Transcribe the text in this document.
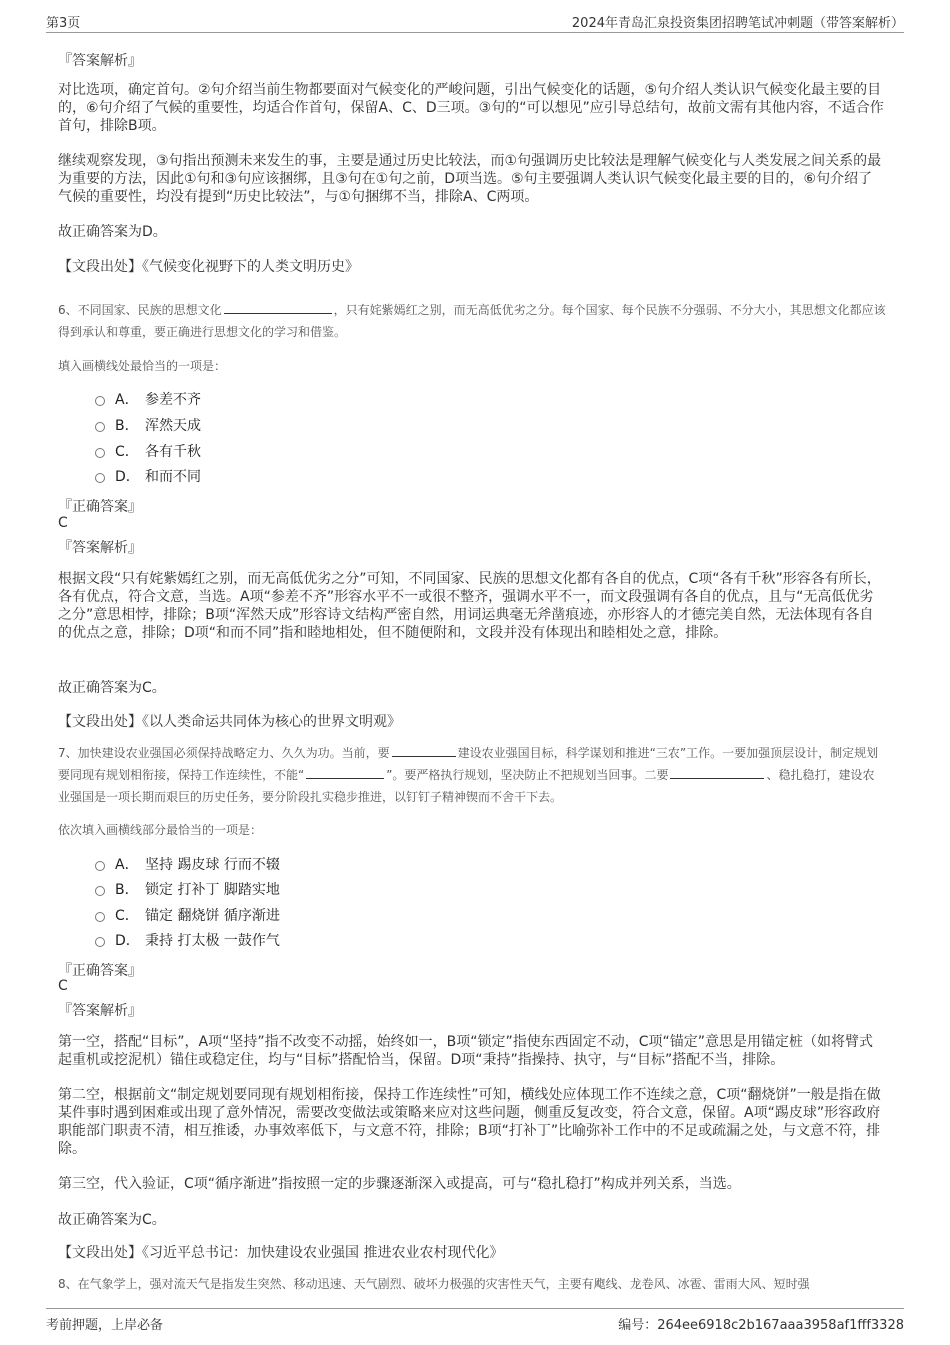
第3页	2024年青岛汇泉投资集团招聘笔试冲刺题（带答案解析）
『答案解析』
对比选项，确定首句。②句介绍当前生物都要面对气候变化的严峻问题，引出气候变化的话题，⑤句介绍人类认识气候变化最主要的目的，⑥句介绍了气候的重要性，均适合作首句，保留A、C、D三项。③句的“可以想见”应引导总结句，故前文需有其他内容，不适合作首句，排除B项。
继续观察发现，③句指出预测未来发生的事，主要是通过历史比较法，而①句强调历史比较法是理解气候变化与人类发展之间关系的最为重要的方法，因此①句和③句应该捆绑，且③句在①句之前，D项当选。⑤句主要强调人类认识气候变化最主要的目的，⑥句介绍了气候的重要性，均没有提到“历史比较法”，与①句捆绑不当，排除A、C两项。
故正确答案为D。
【文段出处】《气候变化视野下的人类文明历史》
6、不同国家、民族的思想文化	，只有姹紫嫣红之别，而无高低优劣之分。每个国家、每个民族不分强弱、不分大小，其思想文化都应该得到承认和尊重，要正确进行思想文化的学习和借鉴。
填入画横线处最恰当的一项是：
A． 参差不齐
B． 浑然天成
C． 各有千秋
D． 和而不同
『正确答案』
C
『答案解析』
根据文段“只有姹紫嫣红之别，而无高低优劣之分”可知，不同国家、民族的思想文化都有各自的优点，C项“各有千秋”形容各有所长，各有优点，符合文意，当选。A项“参差不齐”形容水平不一或很不整齐，强调水平不一，而文段强调有各自的优点，且与“无高低优劣之分”意思相悖，排除；B项“浑然天成”形容诗文结构严密自然，用词运典毫无斧凿痕迹，亦形容人的才德完美自然，无法体现有各自的优点之意，排除；D项“和而不同”指和睦地相处，但不随便附和，文段并没有体现出和睦相处之意，排除。
故正确答案为C。
【文段出处】《以人类命运共同体为核心的世界文明观》
7、加快建设农业强国必须保持战略定力、久久为功。当前，要	建设农业强国目标，科学谋划和推进“三农”工作。一要加强顶层设计，制定规划要同现有规划相衔接，保持工作连续性，不能“	”。要严格执行规划，坚决防止不把规划当回事。二要	、稳扎稳打，建设农业强国是一项长期而艰巨的历史任务，要分阶段扎实稳步推进，以钉钉子精神锲而不舍干下去。
依次填入画横线部分最恰当的一项是：
A． 坚持 踢皮球 行而不辍
B． 锁定 打补丁 脚踏实地
C． 锚定 翻烧饼 循序渐进
D． 秉持 打太极 一鼓作气
『正确答案』
C
『答案解析』
第一空，搭配“目标”，A项“坚持”指不改变不动摇，始终如一，B项“锁定”指使东西固定不动，C项“锚定”意思是用锚定桩（如将臂式起重机或挖泥机）锚住或稳定住，均与“目标”搭配恰当，保留。D项“秉持”指操持、执守，与“目标”搭配不当，排除。
第二空，根据前文“制定规划要同现有规划相衔接，保持工作连续性”可知，横线处应体现工作不连续之意，C项“翻烧饼”一般是指在做某件事时遇到困难或出现了意外情况，需要改变做法或策略来应对这些问题，侧重反复改变，符合文意，保留。A项“踢皮球”形容政府职能部门职责不清，相互推诿，办事效率低下，与文意不符，排除；B项“打补丁”比喻弥补工作中的不足或疏漏之处，与文意不符，排除。
第三空，代入验证，C项“循序渐进”指按照一定的步骤逐渐深入或提高，可与“稳扎稳打”构成并列关系，当选。
故正确答案为C。
【文段出处】《习近平总书记：加快建设农业强国 推进农业农村现代化》
8、在气象学上，强对流天气是指发生突然、移动迅速、天气剧烈、破坏力极强的灾害性天气，主要有飑线、龙卷风、冰雹、雷雨大风、短时强
考前押题，上岸必备	编号：264ee6918c2b167aaa3958af1fff3328
